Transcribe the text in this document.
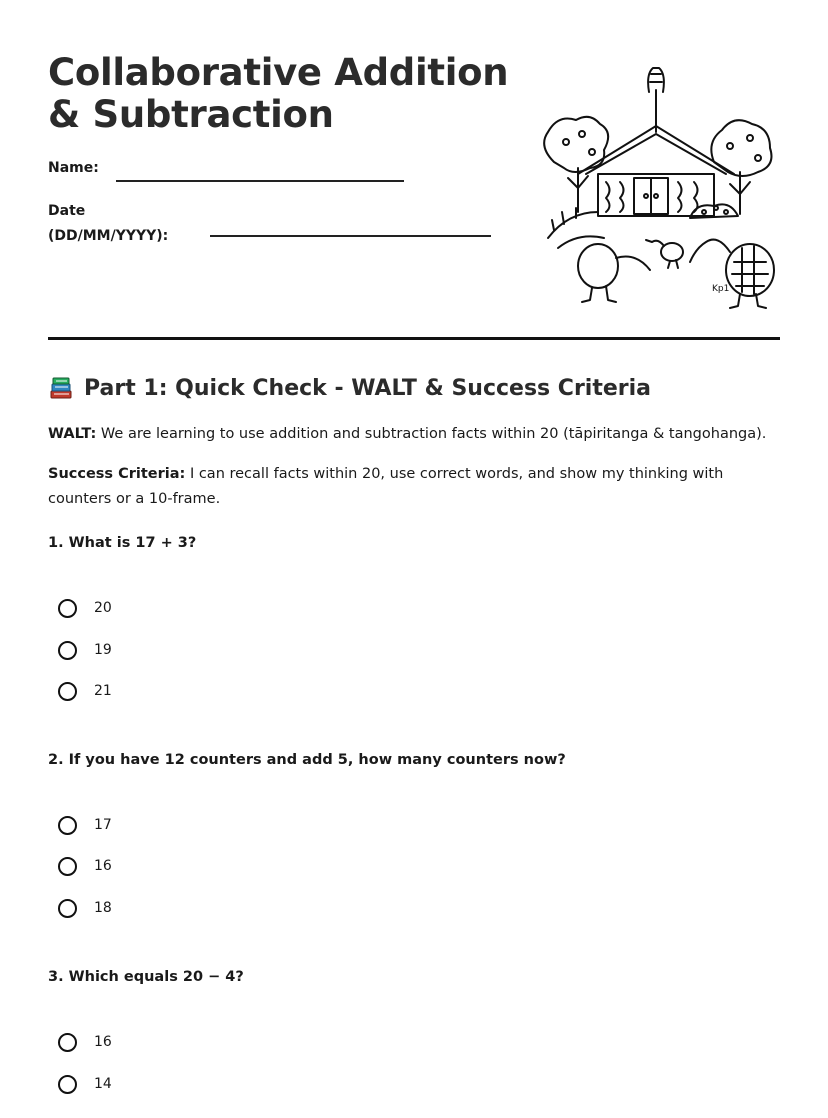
Collaborative Addition
& Subtraction
Name:
Date
(DD/MM/YYYY):
Kp1
Part 1: Quick Check - WALT & Success Criteria

WALT: We are learning to use addition and subtraction facts within 20 (tāpiritanga & tangohanga).

Success Criteria: I can recall facts within 20, use correct words, and show my thinking with counters or a 10-frame.

1. What is 17 + 3?

20
19
21

2. If you have 12 counters and add 5, how many counters now?

17
16
18

3. Which equals 20 − 4?

16
14
